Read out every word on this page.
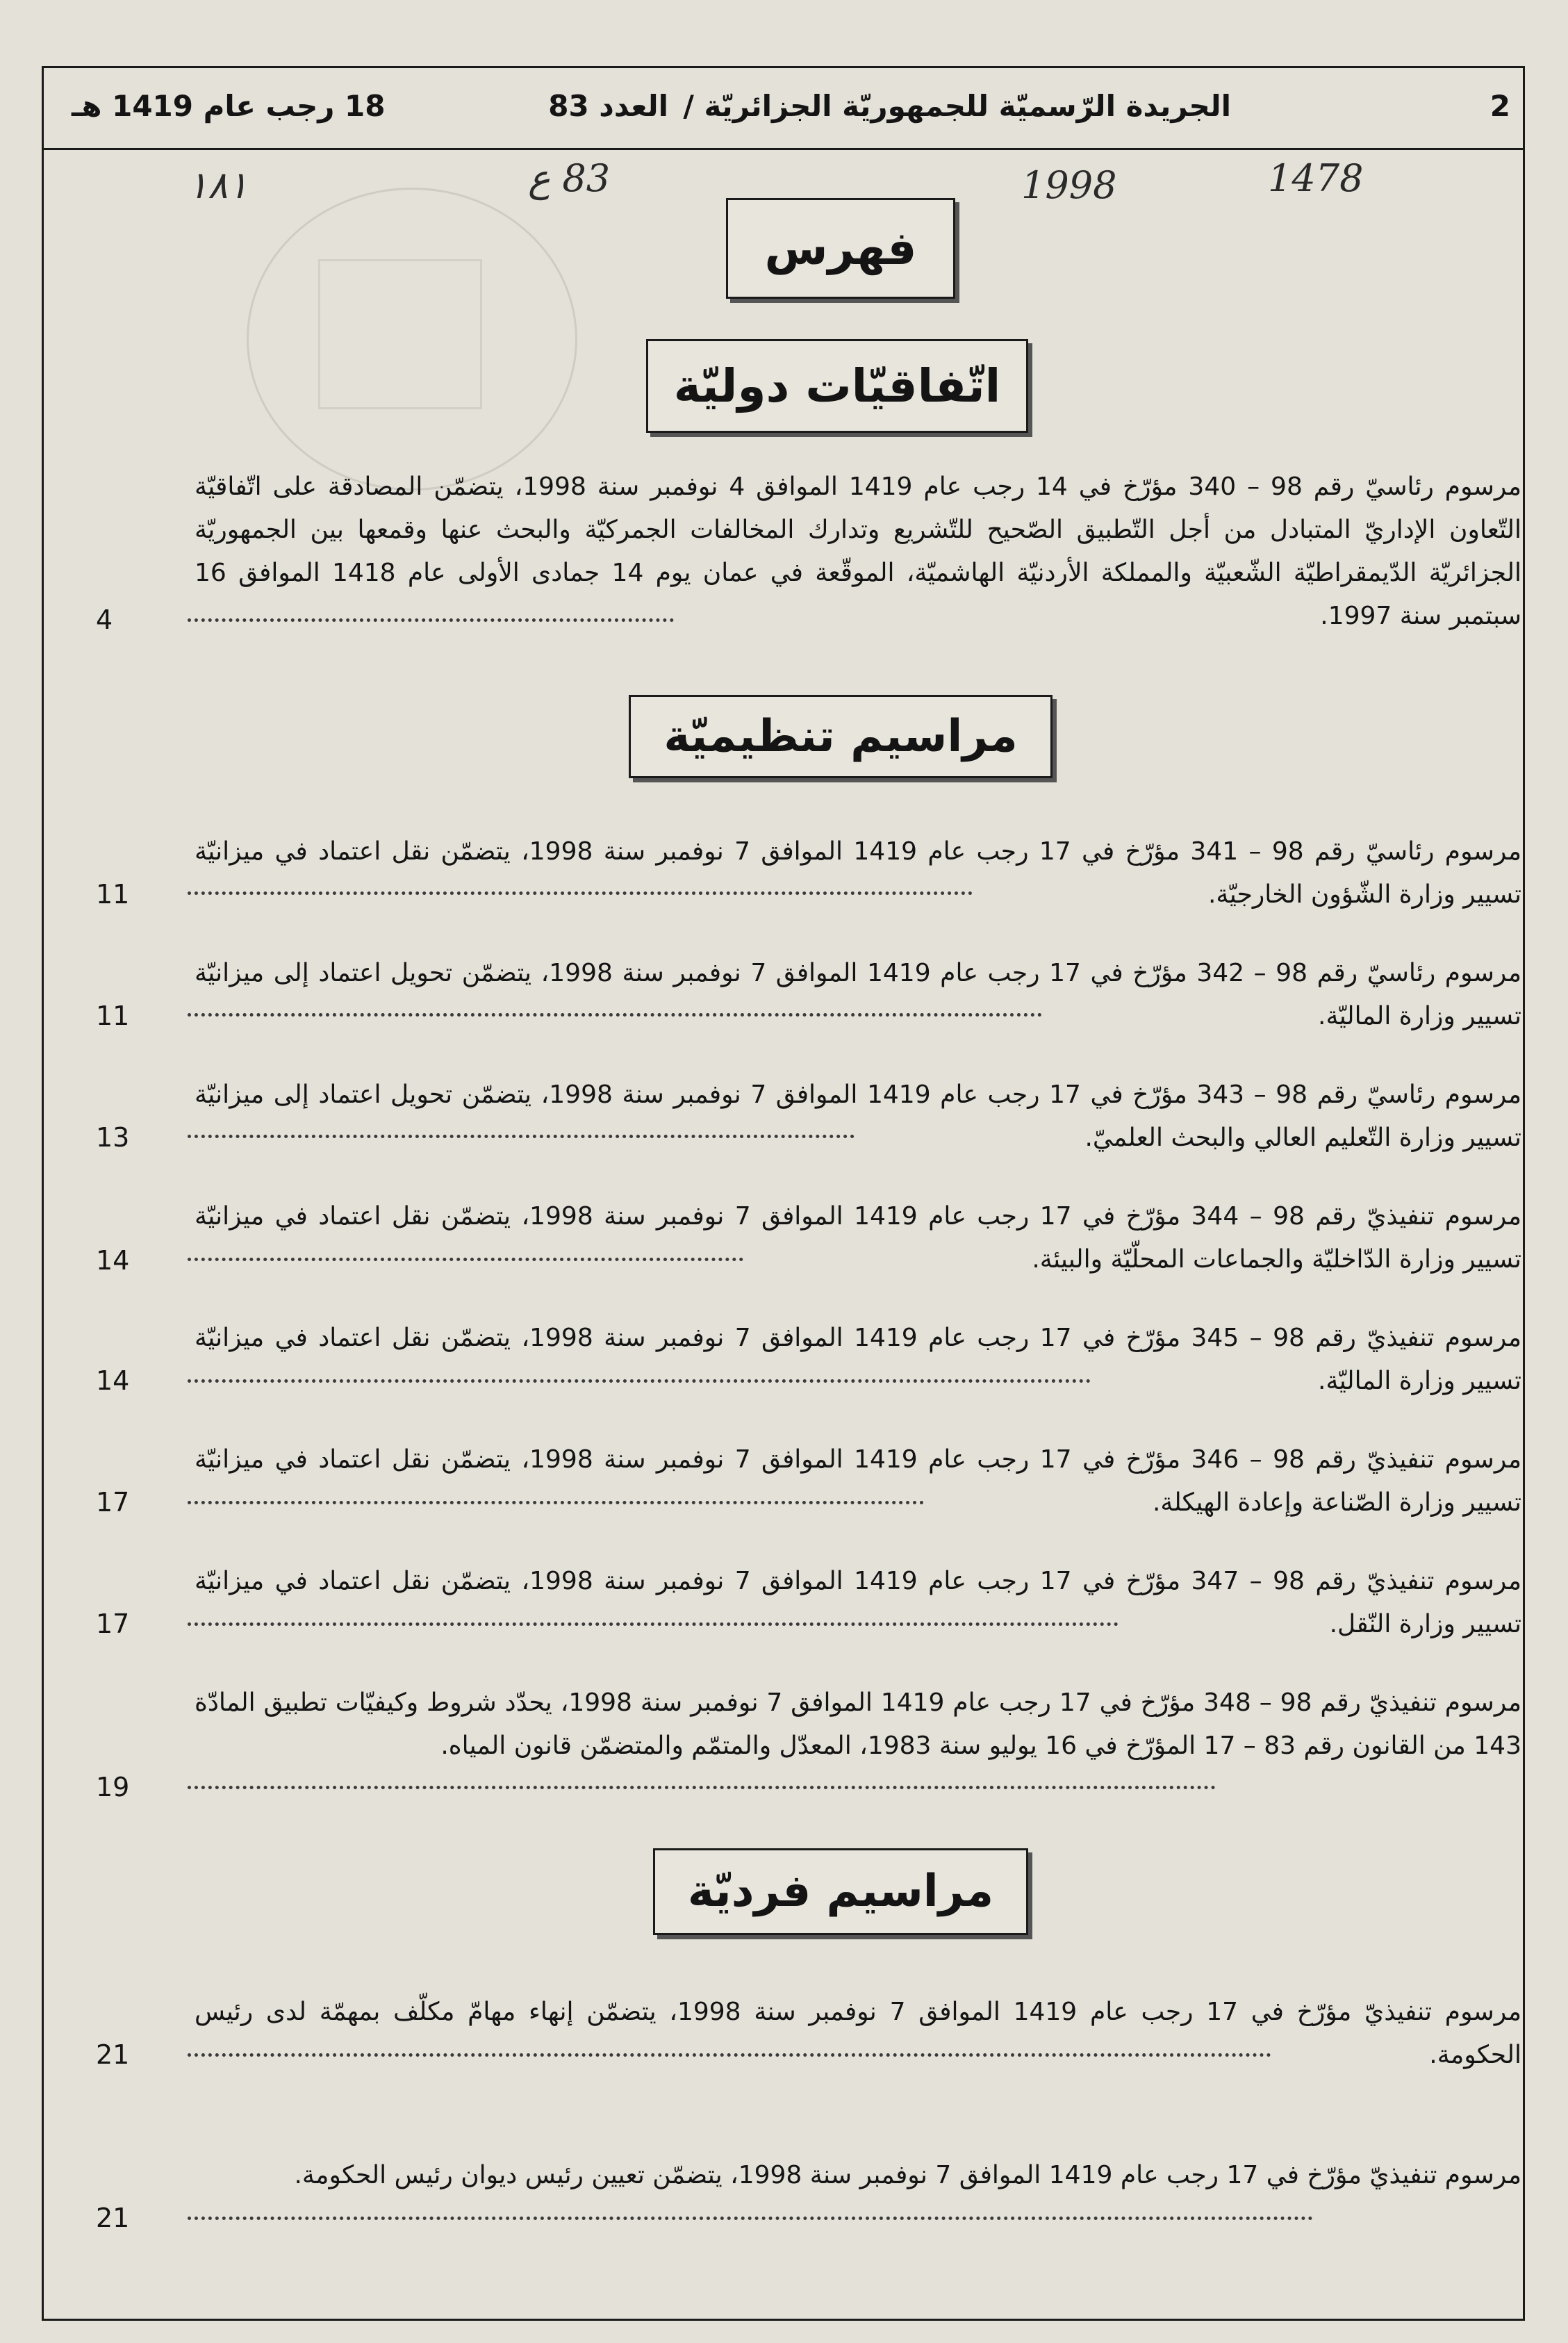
2
الجريدة الرّسميّة للجمهوريّة الجزائريّة /
العدد 83
18 رجب عام 1419 هـ
١٨١	83 ع	1998	1478
فهرس
اتّفاقيّات دوليّة
مرسوم رئاسيّ رقم 98 – 340 مؤرّخ في 14 رجب عام 1419 الموافق 4 نوفمبر سنة 1998، يتضمّن المصادقة على اتّفاقيّة التّعاون الإداريّ المتبادل من أجل التّطبيق الصّحيح للتّشريع وتدارك المخالفات الجمركيّة والبحث عنها وقمعها بين الجمهوريّة الجزائريّة الدّيمقراطيّة الشّعبيّة والمملكة الأردنيّة الهاشميّة، الموقّعة في عمان يوم 14 جمادى الأولى عام 1418 الموافق 16 سبتمبر سنة 1997.
4
مراسيم تنظيميّة
مرسوم رئاسيّ رقم 98 – 341 مؤرّخ في 17 رجب عام 1419 الموافق 7 نوفمبر سنة 1998، يتضمّن نقل اعتماد في ميزانيّة تسيير وزارة الشّؤون الخارجيّة.
11
مرسوم رئاسيّ رقم 98 – 342 مؤرّخ في 17 رجب عام 1419 الموافق 7 نوفمبر سنة 1998، يتضمّن تحويل اعتماد إلى ميزانيّة تسيير وزارة الماليّة.
11
مرسوم رئاسيّ رقم 98 – 343 مؤرّخ في 17 رجب عام 1419 الموافق 7 نوفمبر سنة 1998، يتضمّن تحويل اعتماد إلى ميزانيّة تسيير وزارة التّعليم العالي والبحث العلميّ.
13
مرسوم تنفيذيّ رقم 98 – 344 مؤرّخ في 17 رجب عام 1419 الموافق 7 نوفمبر سنة 1998، يتضمّن نقل اعتماد في ميزانيّة تسيير وزارة الدّاخليّة والجماعات المحلّيّة والبيئة.
14
مرسوم تنفيذيّ رقم 98 – 345 مؤرّخ في 17 رجب عام 1419 الموافق 7 نوفمبر سنة 1998، يتضمّن نقل اعتماد في ميزانيّة تسيير وزارة الماليّة.
14
مرسوم تنفيذيّ رقم 98 – 346 مؤرّخ في 17 رجب عام 1419 الموافق 7 نوفمبر سنة 1998، يتضمّن نقل اعتماد في ميزانيّة تسيير وزارة الصّناعة وإعادة الهيكلة.
17
مرسوم تنفيذيّ رقم 98 – 347 مؤرّخ في 17 رجب عام 1419 الموافق 7 نوفمبر سنة 1998، يتضمّن نقل اعتماد في ميزانيّة تسيير وزارة النّقل.
17
مرسوم تنفيذيّ رقم 98 – 348 مؤرّخ في 17 رجب عام 1419 الموافق 7 نوفمبر سنة 1998، يحدّد شروط وكيفيّات تطبيق المادّة 143 من القانون رقم 83 – 17 المؤرّخ في 16 يوليو سنة 1983، المعدّل والمتمّم والمتضمّن قانون المياه.
19
مراسيم فرديّة
مرسوم تنفيذيّ مؤرّخ في 17 رجب عام 1419 الموافق 7 نوفمبر سنة 1998، يتضمّن إنهاء مهامّ مكلّف بمهمّة لدى رئيس الحكومة.
21
مرسوم تنفيذيّ مؤرّخ في 17 رجب عام 1419 الموافق 7 نوفمبر سنة 1998، يتضمّن تعيين رئيس ديوان رئيس الحكومة.
21
